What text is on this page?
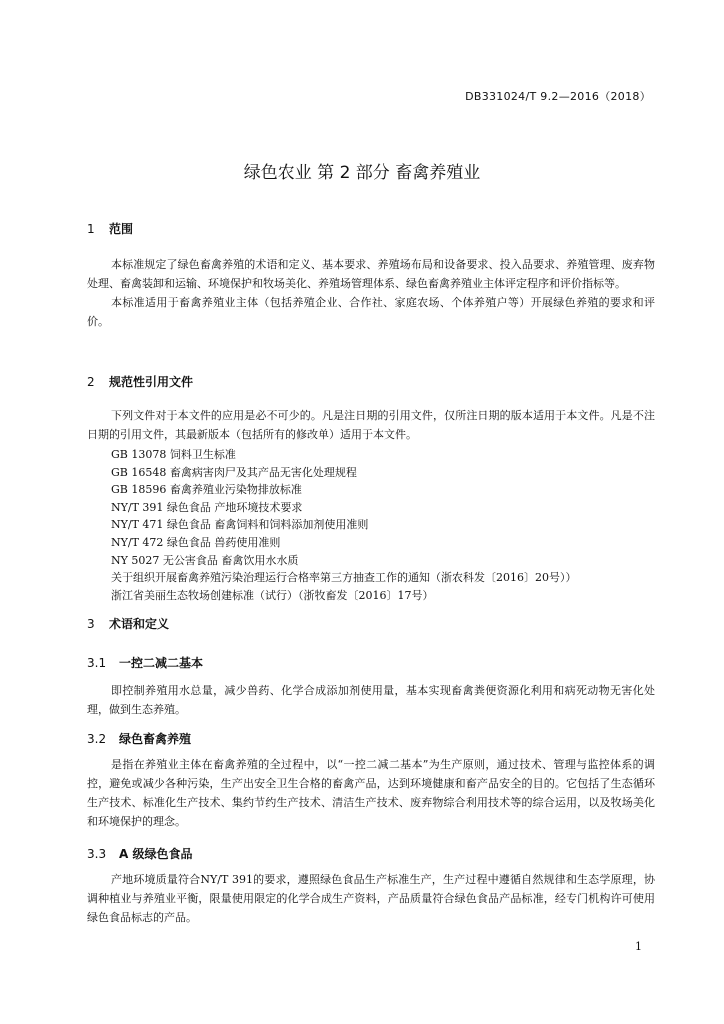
DB331024/T 9.2—2016（2018）
绿色农业 第 2 部分 畜禽养殖业
1 范围

本标准规定了绿色畜禽养殖的术语和定义、基本要求、养殖场布局和设备要求、投入品要求、养殖管理、废弃物处理、畜禽装卸和运输、环境保护和牧场美化、养殖场管理体系、绿色畜禽养殖业主体评定程序和评价指标等。

本标准适用于畜禽养殖业主体（包括养殖企业、合作社、家庭农场、个体养殖户等）开展绿色养殖的要求和评价。

2 规范性引用文件

下列文件对于本文件的应用是必不可少的。凡是注日期的引用文件，仅所注日期的版本适用于本文件。凡是不注日期的引用文件，其最新版本（包括所有的修改单）适用于本文件。

GB 13078 饲料卫生标准
GB 16548 畜禽病害肉尸及其产品无害化处理规程
GB 18596 畜禽养殖业污染物排放标准
NY/T 391 绿色食品 产地环境技术要求
NY/T 471 绿色食品 畜禽饲料和饲料添加剂使用准则
NY/T 472 绿色食品 兽药使用准则
NY 5027 无公害食品 畜禽饮用水水质
关于组织开展畜禽养殖污染治理运行合格率第三方抽查工作的通知（浙农科发〔2016〕20号））
浙江省美丽生态牧场创建标准（试行）（浙牧畜发〔2016〕17号）
3 术语和定义
3.1 一控二减二基本

即控制养殖用水总量，减少兽药、化学合成添加剂使用量，基本实现畜禽粪便资源化利用和病死动物无害化处理，做到生态养殖。

3.2 绿色畜禽养殖

是指在养殖业主体在畜禽养殖的全过程中，以“一控二减二基本”为生产原则，通过技术、管理与监控体系的调控，避免或减少各种污染，生产出安全卫生合格的畜禽产品，达到环境健康和畜产品安全的目的。它包括了生态循环生产技术、标准化生产技术、集约节约生产技术、清洁生产技术、废弃物综合利用技术等的综合运用，以及牧场美化和环境保护的理念。

3.3 A 级绿色食品

产地环境质量符合NY/T 391的要求，遵照绿色食品生产标准生产，生产过程中遵循自然规律和生态学原理，协调种植业与养殖业平衡，限量使用限定的化学合成生产资料，产品质量符合绿色食品产品标准，经专门机构许可使用绿色食品标志的产品。

1
